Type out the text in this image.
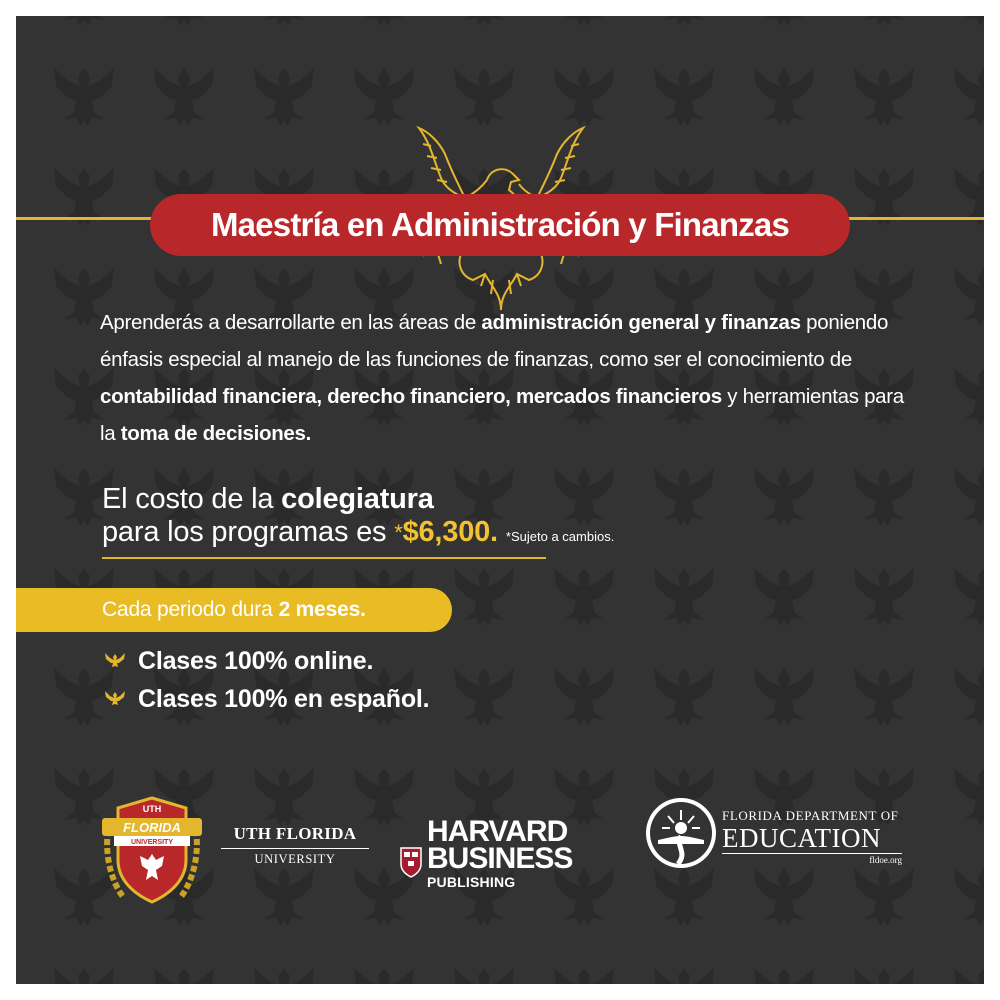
Maestría en Administración y Finanzas
Aprenderás a desarrollarte en las áreas de administración general y finanzas poniendo énfasis especial al manejo de las funciones de finanzas, como ser el conocimiento de contabilidad financiera, derecho financiero, mercados financieros y herramientas para la toma de decisiones.
El costo de la colegiatura
para los programas es *$6,300. *Sujeto a cambios.
Cada periodo dura 2 meses.
Clases 100% online.
Clases 100% en español.
UTH
FLORIDA
UNIVERSITY	UTH FLORIDA
UNIVERSITY
HARVARD
BUSINESS
PUBLISHING
FLORIDA DEPARTMENT OF
EDUCATION
fldoe.org
